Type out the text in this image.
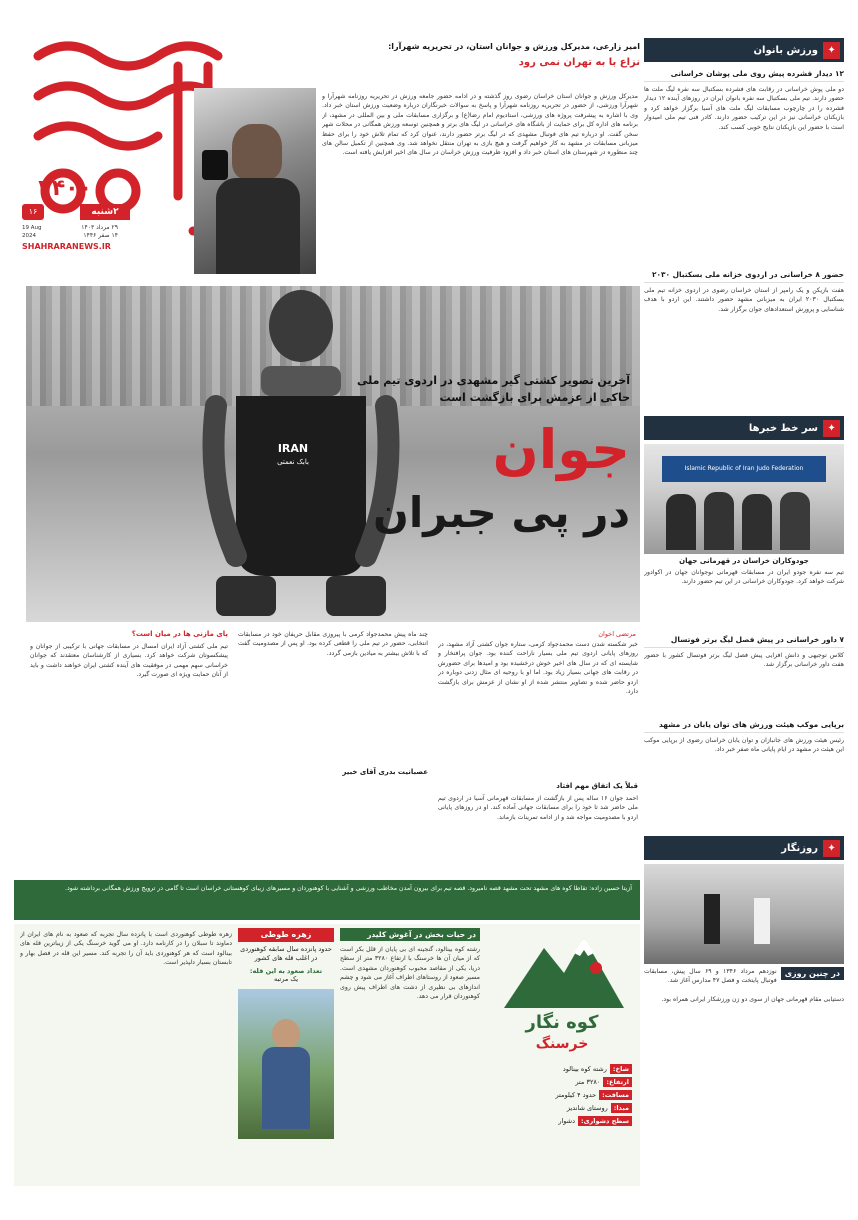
۲۴۰۰
۲شنبه
۱۶
۲۹ مرداد ۱۴۰۳
۱۴ صفر ۱۴۴۶
19 Aug 2024
SHAHRARANEWS.IR
امیر زارعی، مدیرکل ورزش و جوانان استان، در تحریریه شهرآرا:
نزاع با به تهران نمی رود
مدیرکل ورزش و جوانان استان خراسان رضوی روز گذشته و در ادامه حضور جامعه ورزش در تحریریه روزنامه شهرآرا و شهرآرا ورزشی، از حضور در تحریریه روزنامه شهرآرا و پاسخ به سوالات خبرنگاران درباره وضعیت ورزش استان خبر داد. وی با اشاره به پیشرفت پروژه های ورزشی، استادیوم امام رضا(ع) و برگزاری مسابقات ملی و بین المللی در مشهد، از برنامه های اداره کل برای حمایت از باشگاه های خراسانی در لیگ های برتر و همچنین توسعه ورزش همگانی در محلات شهر سخن گفت. او درباره تیم های فوتبال مشهدی که در لیگ برتر حضور دارند، عنوان کرد که تمام تلاش خود را برای حفظ میزبانی مسابقات در مشهد به کار خواهیم گرفت و هیچ بازی به تهران منتقل نخواهد شد. وی همچنین از تکمیل سالن های چند منظوره در شهرستان های استان خبر داد و افزود ظرفیت ورزش خراسان در سال های اخیر افزایش یافته است.
IRAN
بابک نعمتی
آخرین تصویر کشتی گیر مشهدی در اردوی تیم ملی حاکی از عزمش برای بازگشت است
جوان
در پی جبران
مرتضی اخوان
خبر شکسته شدن دست محمدجواد کرمی، ستاره جوان کشتی آزاد مشهد، در روزهای پایانی اردوی تیم ملی بسیار ناراحت کننده بود. جوان پرافتخار و شایسته ای که در سال های اخیر خوش درخشیده بود و امیدها برای حضورش در رقابت های جهانی بسیار زیاد بود. اما او با روحیه ای مثال زدنی دوباره در اردو حاضر شده و تصاویر منتشر شده از او نشان از عزمش برای بازگشت دارد.
قبلاً یک اتفاق مهم افتاد
احمد جوان ۱۶ ساله پس از بازگشت از مسابقات قهرمانی آسیا در اردوی تیم ملی حاضر شد تا خود را برای مسابقات جهانی آماده کند. او در روزهای پایانی اردو با مصدومیت مواجه شد و از ادامه تمرینات بازماند.
عصبانیت بدری آقای خبیر
چند ماه پیش محمدجواد کرمی با پیروزی مقابل حریفان خود در مسابقات انتخابی، حضور در تیم ملی را قطعی کرده بود. او پس از مصدومیت گفت که با تلاش بیشتر به میادین بازمی گردد.
پای مازنی ها در میان است؟
تیم ملی کشتی آزاد ایران امسال در مسابقات جهانی با ترکیبی از جوانان و پیشکسوتان شرکت خواهد کرد. بسیاری از کارشناسان معتقدند که جوانان خراسانی سهم مهمی در موفقیت های آینده کشتی ایران خواهند داشت و باید از آنان حمایت ویژه ای صورت گیرد.
آزیتا حسین زاده: تقاطا کوه های مشهد تحت مشهد قصه نامیرود. قصه تیم برای بیرون آمدن مخاطب ورزشی و آشنایی با کوهنوردان و مسیرهای زیبای کوهستانی خراسان است تا گامی در ترویج ورزش همگانی برداشته شود.
زهره طوطی کوهنوردی است با پانزده سال تجربه که صعود به نام های ایران از دماوند تا سبلان را در کارنامه دارد. او می گوید خرسنگ یکی از زیباترین قله های بینالود است که هر کوهنوردی باید آن را تجربه کند. مسیر این قله در فصل بهار و تابستان بسیار دلپذیر است.
زهره طوطی
حدود پانزده سال سابقه کوهنوردی در اغلب قله های کشور
تعداد صعود به این قله:
یک مرتبه
در حیات بخش در آغوش کلیدر
رشته کوه بینالود، گنجینه ای بی پایان از قلل بکر است که از میان آن ها خرسنگ با ارتفاع ۳۲۸۰ متر از سطح دریا، یکی از مقاصد محبوب کوهنوردان مشهدی است. مسیر صعود از روستاهای اطراف آغاز می شود و چشم اندازهای بی نظیری از دشت های اطراف پیش روی کوهنوردان قرار می دهد.
کوه نگار
خرسنگ
شاخ:
رشته کوه بینالود
ارتفاع:
۳۲۸۰ متر
مسافت:
حدود ۴ کیلومتر
مبدا:
روستای شاندیز
سطح دشواری:
دشوار
✦
ورزش بانوان
۱۲ دیدار فشرده پیش روی ملی پوشان خراسانی
دو ملی پوش خراسانی در رقابت های فشرده بسکتبال سه نفره لیگ ملت ها حضور دارند. تیم ملی بسکتبال سه نفره بانوان ایران در روزهای آینده ۱۲ دیدار فشرده را در چارچوب مسابقات لیگ ملت های آسیا برگزار خواهد کرد و بازیکنان خراسانی نیز در این ترکیب حضور دارند. کادر فنی تیم ملی امیدوار است با حضور این بازیکنان نتایج خوبی کسب کند.
حضور ۸ خراسانی در اردوی خزانه ملی بسکتبال ۲۰۳۰
هفت بازیکن و یک رامپر از استان خراسان رضوی در اردوی خزانه تیم ملی بسکتبال ۲۰۳۰ ایران به میزبانی مشهد حضور داشتند. این اردو با هدف شناسایی و پرورش استعدادهای جوان برگزار شد.
✦
سر خط خبرها
Islamic Republic of Iran Judo Federation
جودوکاران خراسان در قهرمانی جهان
تیم سه نفره جودو ایران در مسابقات قهرمانی نوجوانان جهان در اکوادور شرکت خواهد کرد. جودوکاران خراسانی در این تیم حضور دارند.
۷ داور خراسانی در پیش فصل لیگ برتر فوتسال
کلاس توجیهی و دانش افزایی پیش فصل لیگ برتر فوتسال کشور با حضور هفت داور خراسانی برگزار شد.
برپایی موکب هیئت ورزش های توان یابان در مشهد
رئیس هیئت ورزش های جانبازان و توان یابان خراسان رضوی از برپایی موکب این هیئت در مشهد در ایام پایانی ماه صفر خبر داد.
✦
روزنگار
در چنین روزی
نوزدهم مرداد ۱۳۴۶ و ۶۹ سال پیش، مسابقات فوتبال پایتخت و فصل ۴۷ مدارس آغاز شد.
دستیابی مقام قهرمانی جهان از سوی دو زن ورزشکار ایرانی همراه بود.
